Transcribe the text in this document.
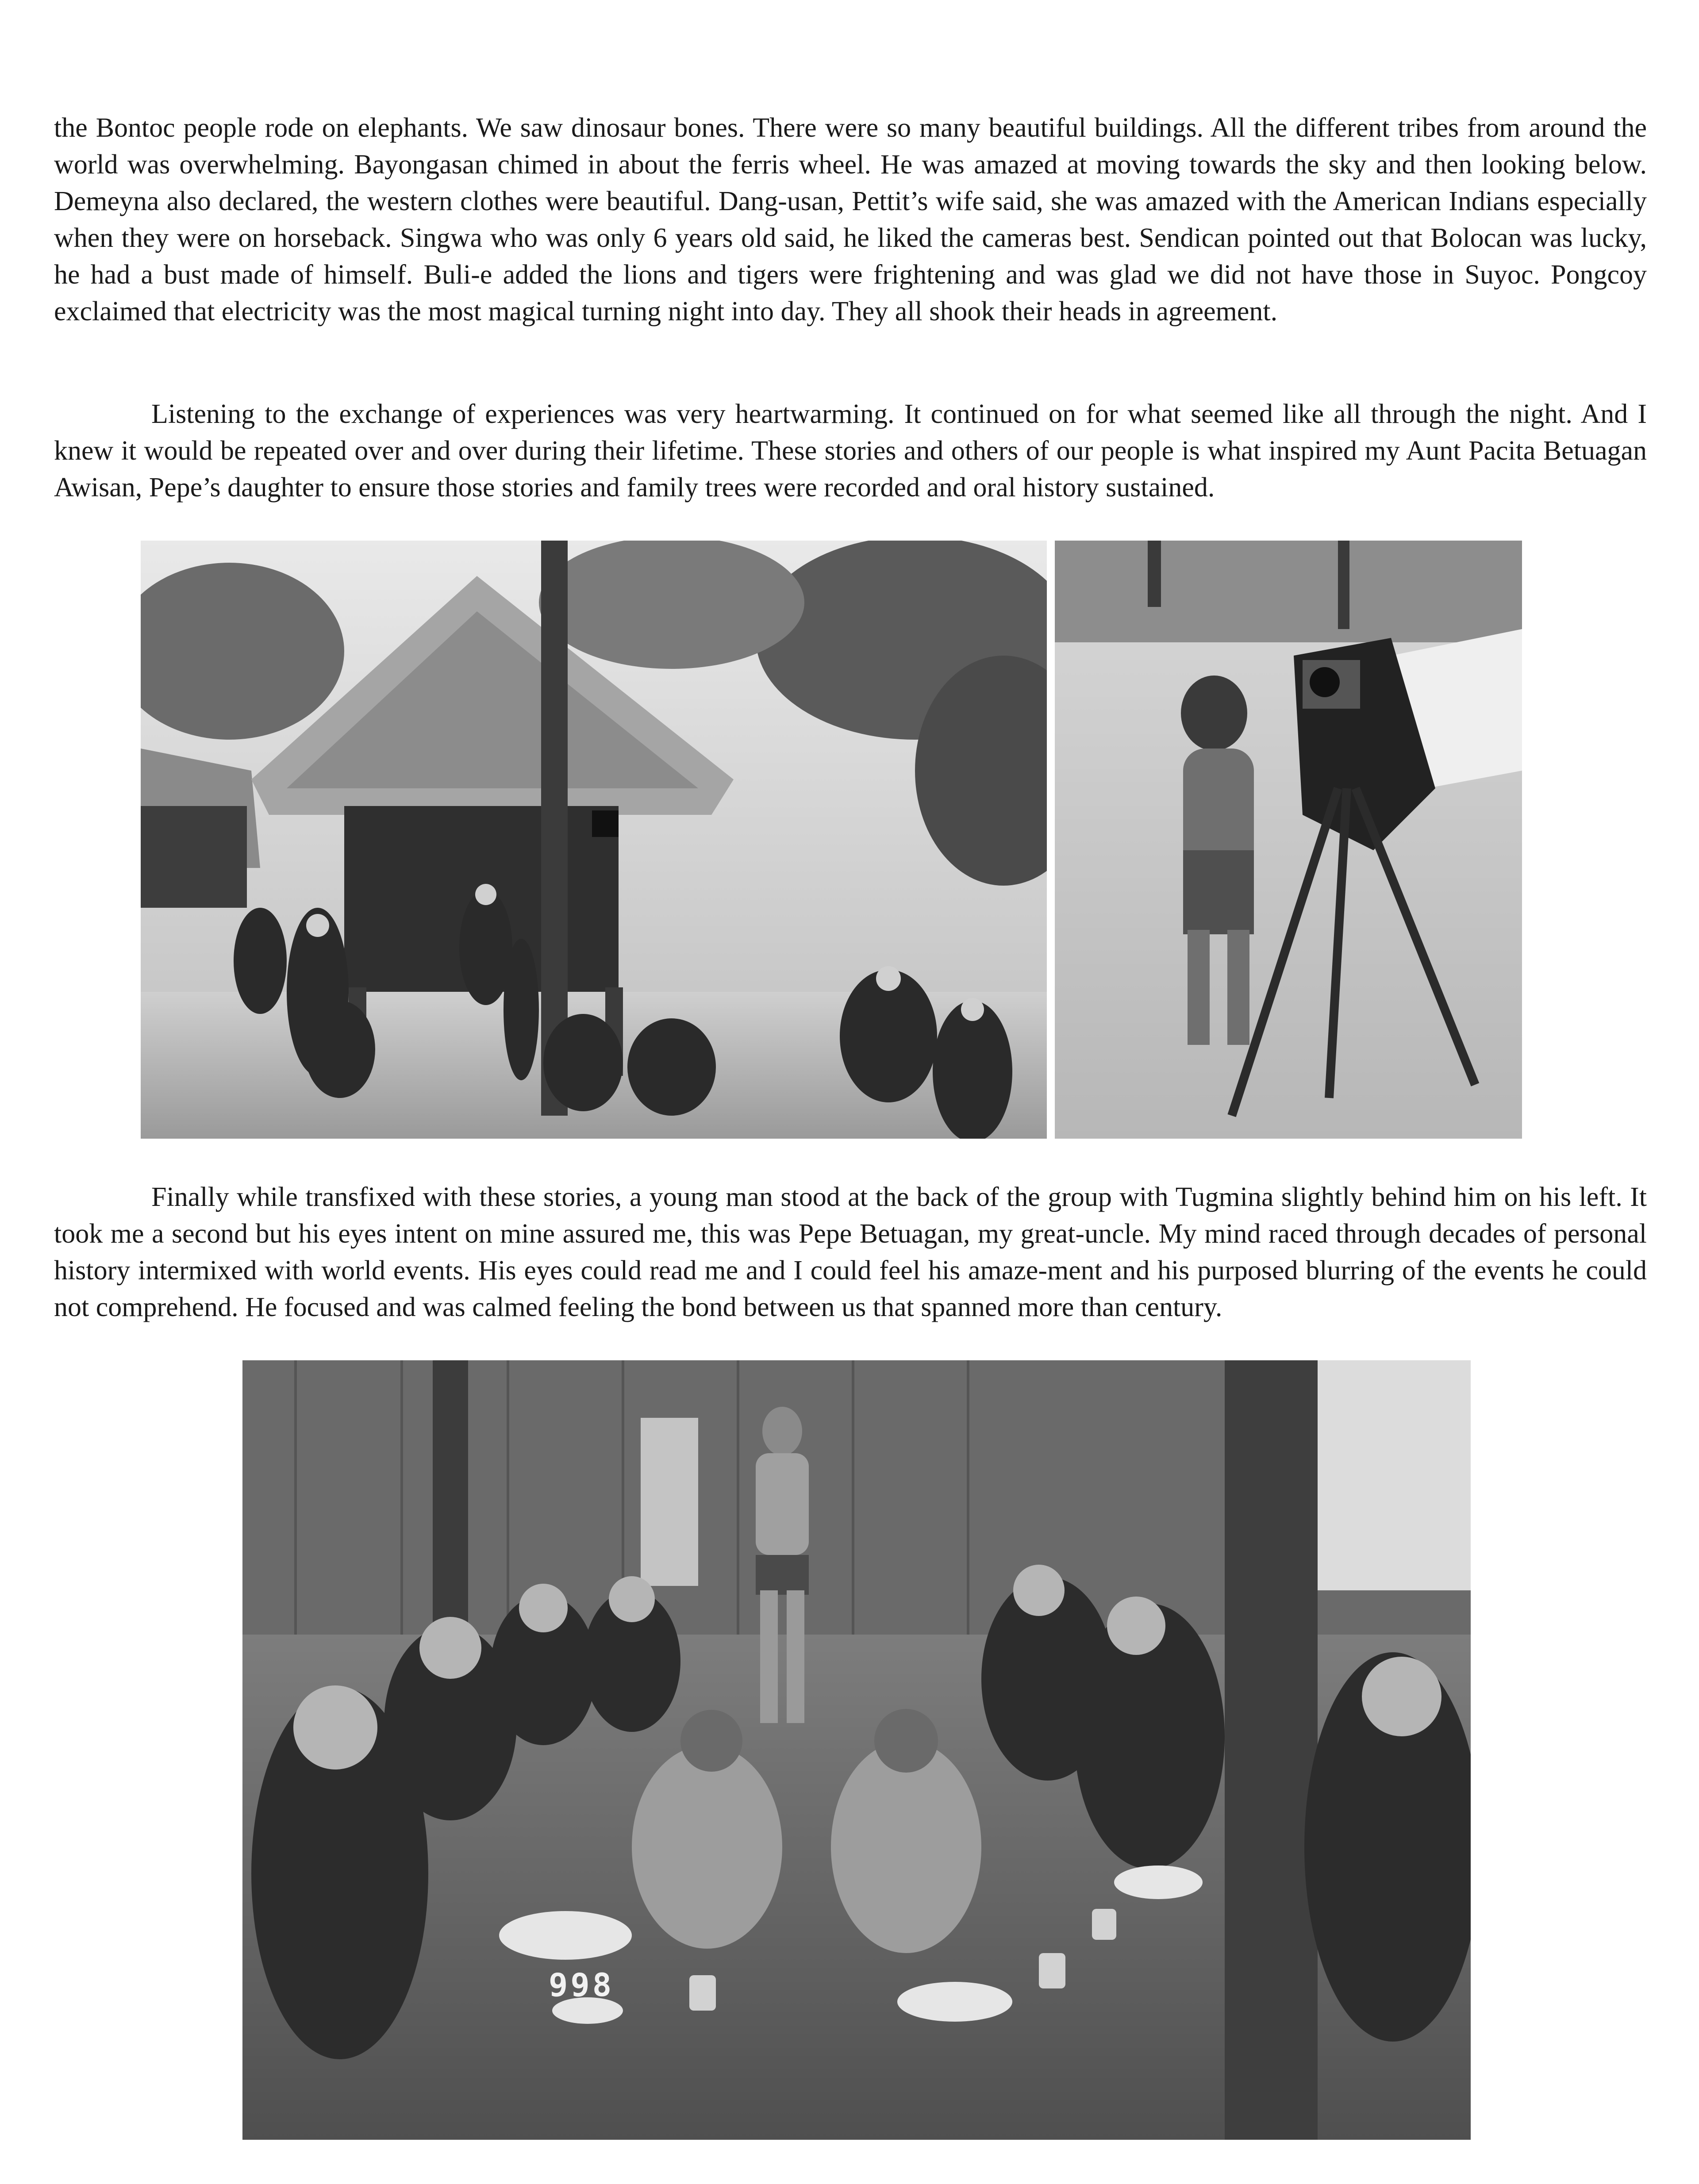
the Bontoc people rode on elephants. We saw dinosaur bones. There were so many beautiful buildings. All the different tribes from around the world was overwhelming. Bayongasan chimed in about the ferris wheel. He was amazed at moving towards the sky and then looking below. Demeyna also declared, the western clothes were beautiful. Dang-usan, Pettit’s wife said, she was amazed with the American Indians especially when they were on horseback. Singwa who was only 6 years old said, he liked the cameras best. Sendican pointed out that Bolocan was lucky, he had a bust made of himself. Buli-e added the lions and tigers were frightening and was glad we did not have those in Suyoc. Pongcoy exclaimed that electricity was the most magical turning night into day. They all shook their heads in agreement.

Listening to the exchange of experiences was very heartwarming. It continued on for what seemed like all through the night. And I knew it would be repeated over and over during their lifetime. These stories and others of our people is what inspired my Aunt Pacita Betuagan Awisan, Pepe’s daughter to ensure those stories and family trees were recorded and oral history sustained.

Finally while transfixed with these stories, a young man stood at the back of the group with Tugmina slightly behind him on his left. It took me a second but his eyes intent on mine assured me, this was Pepe Betuagan, my great-uncle. My mind raced through decades of personal history intermixed with world events. His eyes could read me and I could feel his amaze-ment and his purposed blurring of the events he could not comprehend. He focused and was calmed feeling the bond between us that spanned more than century.

998
